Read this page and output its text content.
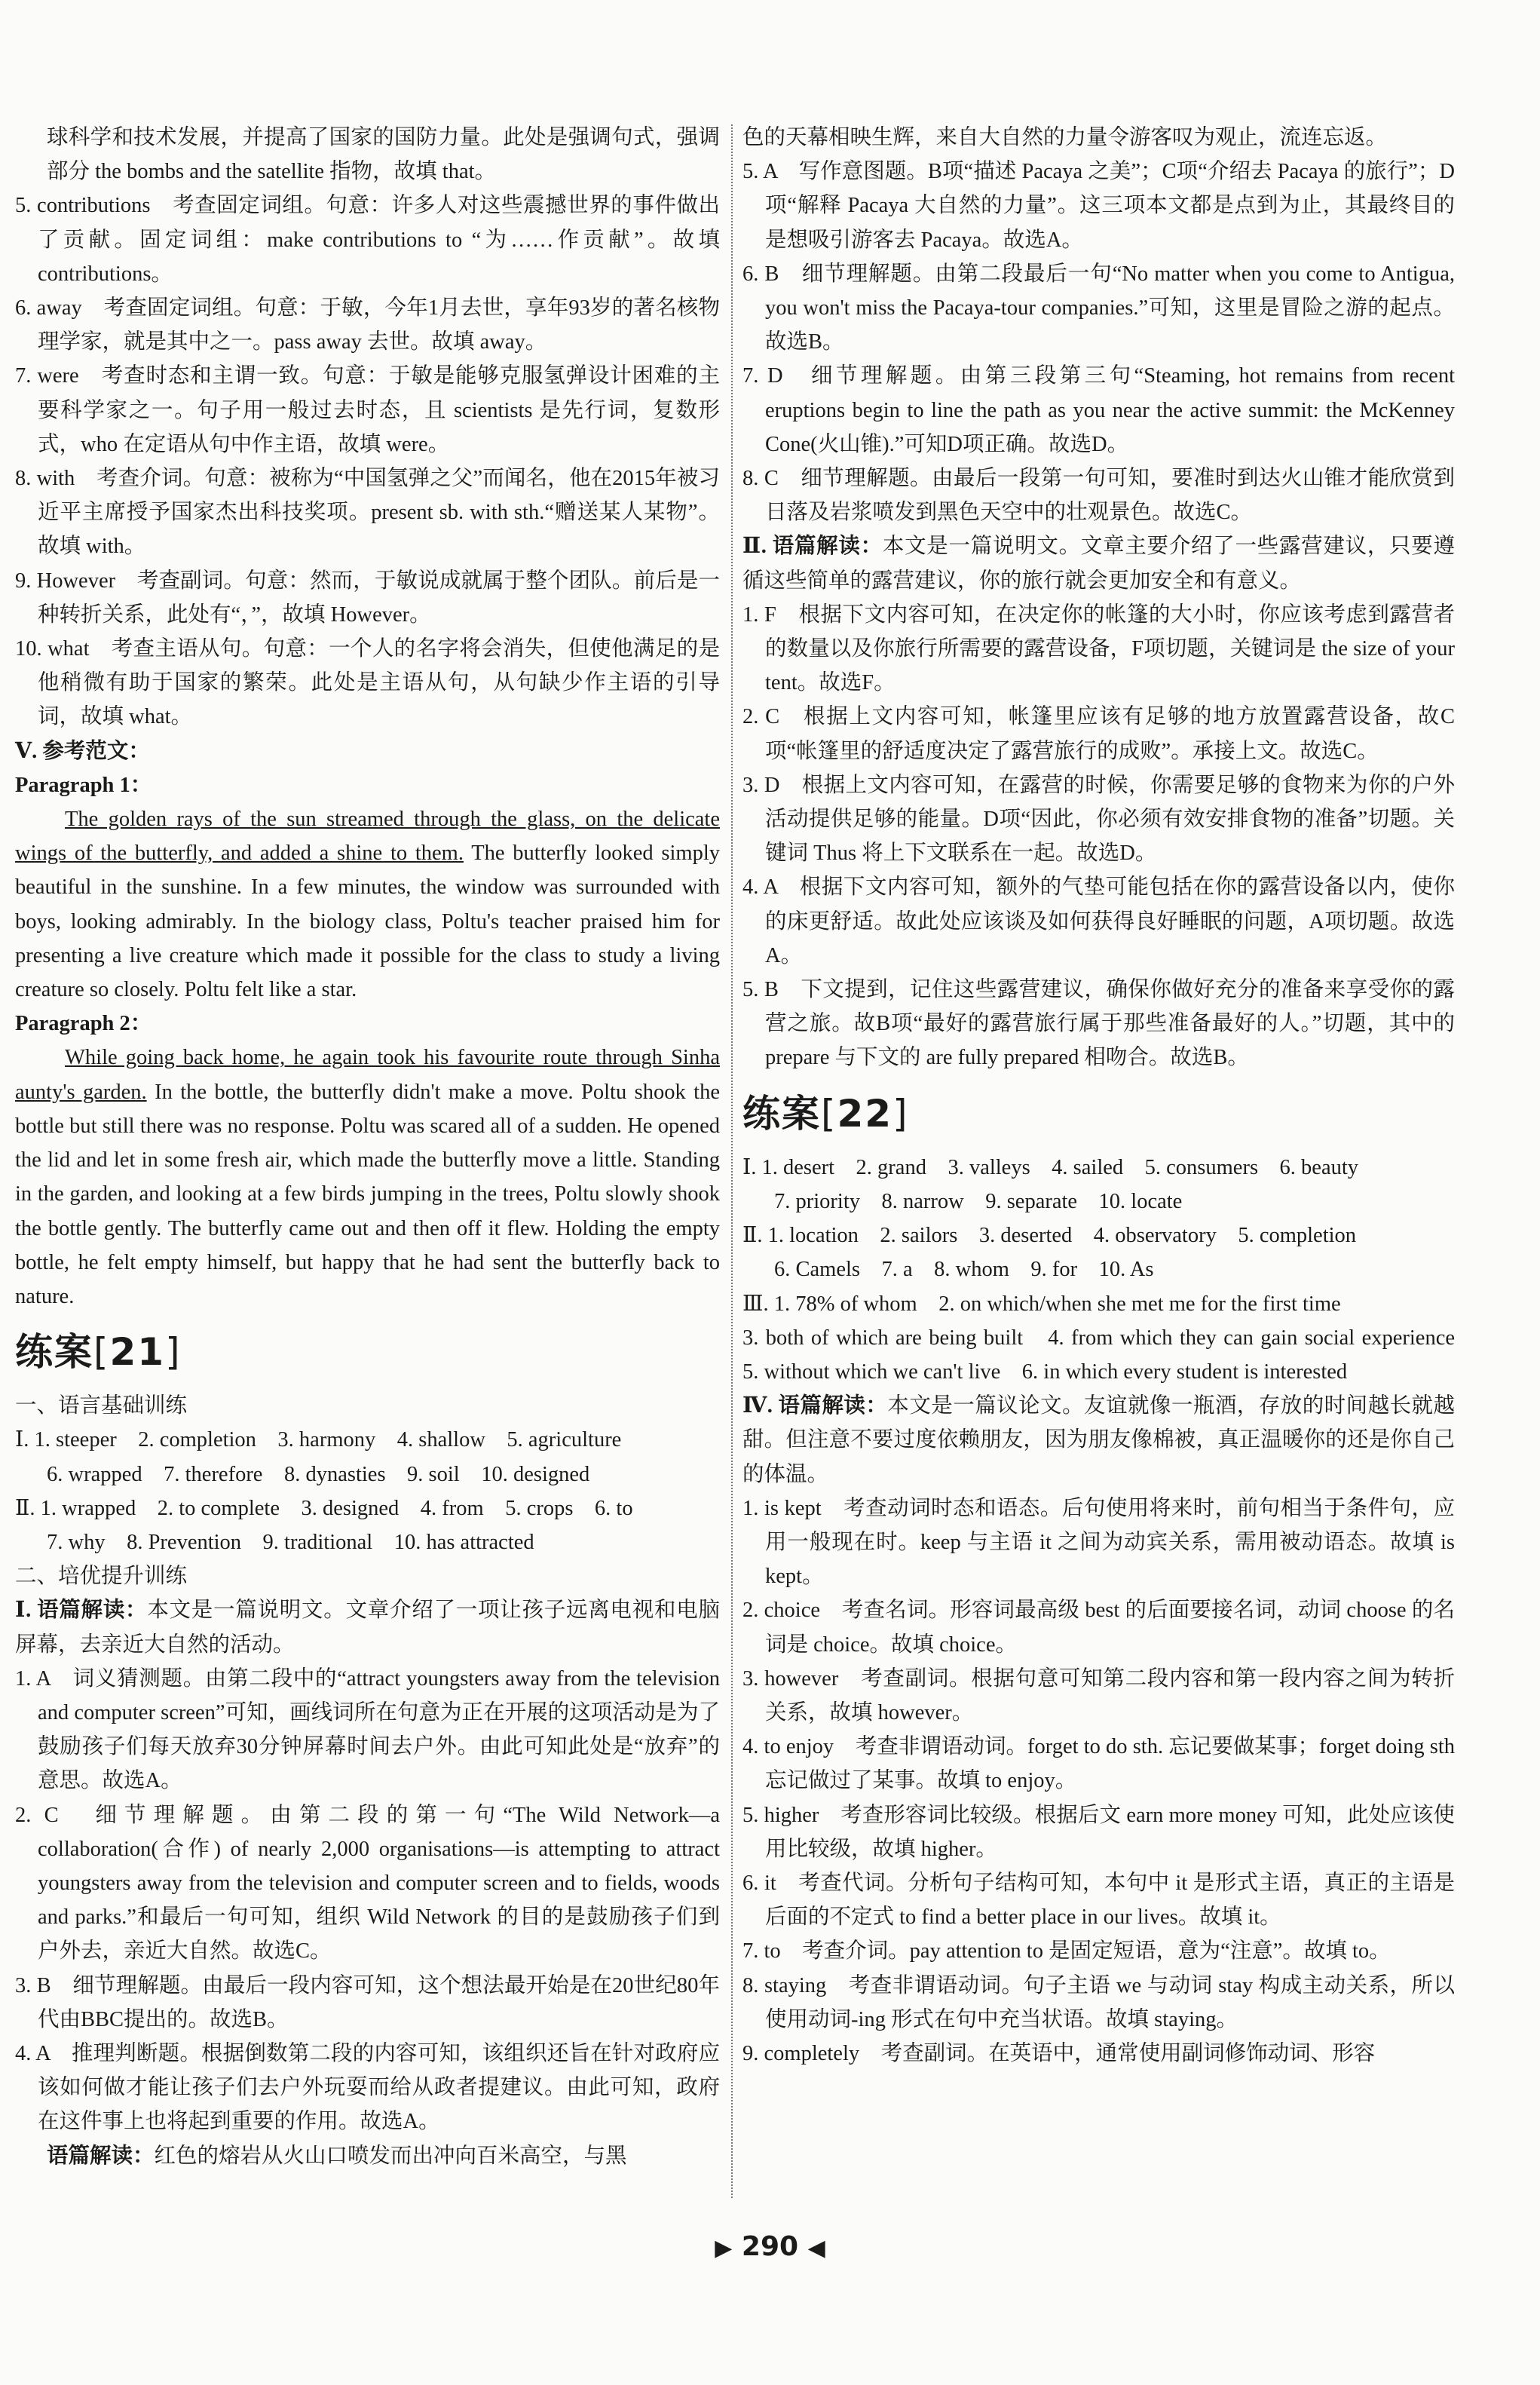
球科学和技术发展，并提高了国家的国防力量。此处是强调句式，强调部分 the bombs and the satellite 指物，故填 that。

5. contributions　考查固定词组。句意：许多人对这些震撼世界的事件做出了贡献。固定词组：make contributions to “为……作贡献”。故填 contributions。

6. away　考查固定词组。句意：于敏，今年1月去世，享年93岁的著名核物理学家，就是其中之一。pass away 去世。故填 away。

7. were　考查时态和主谓一致。句意：于敏是能够克服氢弹设计困难的主要科学家之一。句子用一般过去时态，且 scientists 是先行词，复数形式，who 在定语从句中作主语，故填 were。

8. with　考查介词。句意：被称为“中国氢弹之父”而闻名，他在2015年被习近平主席授予国家杰出科技奖项。present sb. with sth.“赠送某人某物”。故填 with。

9. However　考查副词。句意：然而，于敏说成就属于整个团队。前后是一种转折关系，此处有“，”，故填 However。

10. what　考查主语从句。句意：一个人的名字将会消失，但使他满足的是他稍微有助于国家的繁荣。此处是主语从句，从句缺少作主语的引导词，故填 what。

Ⅴ. 参考范文：

Paragraph 1：

The golden rays of the sun streamed through the glass, on the delicate wings of the butterfly, and added a shine to them. The butterfly looked simply beautiful in the sunshine. In a few minutes, the window was surrounded with boys, looking admirably. In the biology class, Poltu's teacher praised him for presenting a live creature which made it possible for the class to study a living creature so closely. Poltu felt like a star.

Paragraph 2：

While going back home, he again took his favourite route through Sinha aunty's garden. In the bottle, the butterfly didn't make a move. Poltu shook the bottle but still there was no response. Poltu was scared all of a sudden. He opened the lid and let in some fresh air, which made the butterfly move a little. Standing in the garden, and looking at a few birds jumping in the trees, Poltu slowly shook the bottle gently. The butterfly came out and then off it flew. Holding the empty bottle, he felt empty himself, but happy that he had sent the butterfly back to nature.

练案[21]

一、语言基础训练

Ⅰ. 1. steeper　2. completion　3. harmony　4. shallow　5. agriculture

6. wrapped　7. therefore　8. dynasties　9. soil　10. designed

Ⅱ. 1. wrapped　2. to complete　3. designed　4. from　5. crops　6. to

7. why　8. Prevention　9. traditional　10. has attracted

二、培优提升训练

Ⅰ. 语篇解读：本文是一篇说明文。文章介绍了一项让孩子远离电视和电脑屏幕，去亲近大自然的活动。

1. A　词义猜测题。由第二段中的“attract youngsters away from the television and computer screen”可知，画线词所在句意为正在开展的这项活动是为了鼓励孩子们每天放弃30分钟屏幕时间去户外。由此可知此处是“放弃”的意思。故选A。

2. C　细节理解题。由第二段的第一句“The Wild Network—a collaboration(合作) of nearly 2,000 organisations—is attempting to attract youngsters away from the television and computer screen and to fields, woods and parks.”和最后一句可知，组织 Wild Network 的目的是鼓励孩子们到户外去，亲近大自然。故选C。

3. B　细节理解题。由最后一段内容可知，这个想法最开始是在20世纪80年代由BBC提出的。故选B。

4. A　推理判断题。根据倒数第二段的内容可知，该组织还旨在针对政府应该如何做才能让孩子们去户外玩耍而给从政者提建议。由此可知，政府在这件事上也将起到重要的作用。故选A。

语篇解读：红色的熔岩从火山口喷发而出冲向百米高空，与黑

色的天幕相映生辉，来自大自然的力量令游客叹为观止，流连忘返。

5. A　写作意图题。B项“描述 Pacaya 之美”；C项“介绍去 Pacaya 的旅行”；D项“解释 Pacaya 大自然的力量”。这三项本文都是点到为止，其最终目的是想吸引游客去 Pacaya。故选A。

6. B　细节理解题。由第二段最后一句“No matter when you come to Antigua, you won't miss the Pacaya-tour companies.”可知，这里是冒险之游的起点。故选B。

7. D　细节理解题。由第三段第三句“Steaming, hot remains from recent eruptions begin to line the path as you near the active summit: the McKenney Cone(火山锥).”可知D项正确。故选D。

8. C　细节理解题。由最后一段第一句可知，要准时到达火山锥才能欣赏到日落及岩浆喷发到黑色天空中的壮观景色。故选C。

Ⅱ. 语篇解读：本文是一篇说明文。文章主要介绍了一些露营建议，只要遵循这些简单的露营建议，你的旅行就会更加安全和有意义。

1. F　根据下文内容可知，在决定你的帐篷的大小时，你应该考虑到露营者的数量以及你旅行所需要的露营设备，F项切题，关键词是 the size of your tent。故选F。

2. C　根据上文内容可知，帐篷里应该有足够的地方放置露营设备，故C项“帐篷里的舒适度决定了露营旅行的成败”。承接上文。故选C。

3. D　根据上文内容可知，在露营的时候，你需要足够的食物来为你的户外活动提供足够的能量。D项“因此，你必须有效安排食物的准备”切题。关键词 Thus 将上下文联系在一起。故选D。

4. A　根据下文内容可知，额外的气垫可能包括在你的露营设备以内，使你的床更舒适。故此处应该谈及如何获得良好睡眠的问题，A项切题。故选A。

5. B　下文提到，记住这些露营建议，确保你做好充分的准备来享受你的露营之旅。故B项“最好的露营旅行属于那些准备最好的人。”切题，其中的 prepare 与下文的 are fully prepared 相吻合。故选B。

练案[22]

Ⅰ. 1. desert　2. grand　3. valleys　4. sailed　5. consumers　6. beauty

7. priority　8. narrow　9. separate　10. locate

Ⅱ. 1. location　2. sailors　3. deserted　4. observatory　5. completion

6. Camels　7. a　8. whom　9. for　10. As

Ⅲ. 1. 78% of whom　2. on which/when she met me for the first time

3. both of which are being built　4. from which they can gain social experience　5. without which we can't live　6. in which every student is interested

Ⅳ. 语篇解读：本文是一篇议论文。友谊就像一瓶酒，存放的时间越长就越甜。但注意不要过度依赖朋友，因为朋友像棉被，真正温暖你的还是你自己的体温。

1. is kept　考查动词时态和语态。后句使用将来时，前句相当于条件句，应用一般现在时。keep 与主语 it 之间为动宾关系，需用被动语态。故填 is kept。

2. choice　考查名词。形容词最高级 best 的后面要接名词，动词 choose 的名词是 choice。故填 choice。

3. however　考查副词。根据句意可知第二段内容和第一段内容之间为转折关系，故填 however。

4. to enjoy　考查非谓语动词。forget to do sth. 忘记要做某事；forget doing sth 忘记做过了某事。故填 to enjoy。

5. higher　考查形容词比较级。根据后文 earn more money 可知，此处应该使用比较级，故填 higher。

6. it　考查代词。分析句子结构可知，本句中 it 是形式主语，真正的主语是后面的不定式 to find a better place in our lives。故填 it。

7. to　考查介词。pay attention to 是固定短语，意为“注意”。故填 to。

8. staying　考查非谓语动词。句子主语 we 与动词 stay 构成主动关系，所以使用动词-ing 形式在句中充当状语。故填 staying。

9. completely　考查副词。在英语中，通常使用副词修饰动词、形容

▶ 290 ◀
